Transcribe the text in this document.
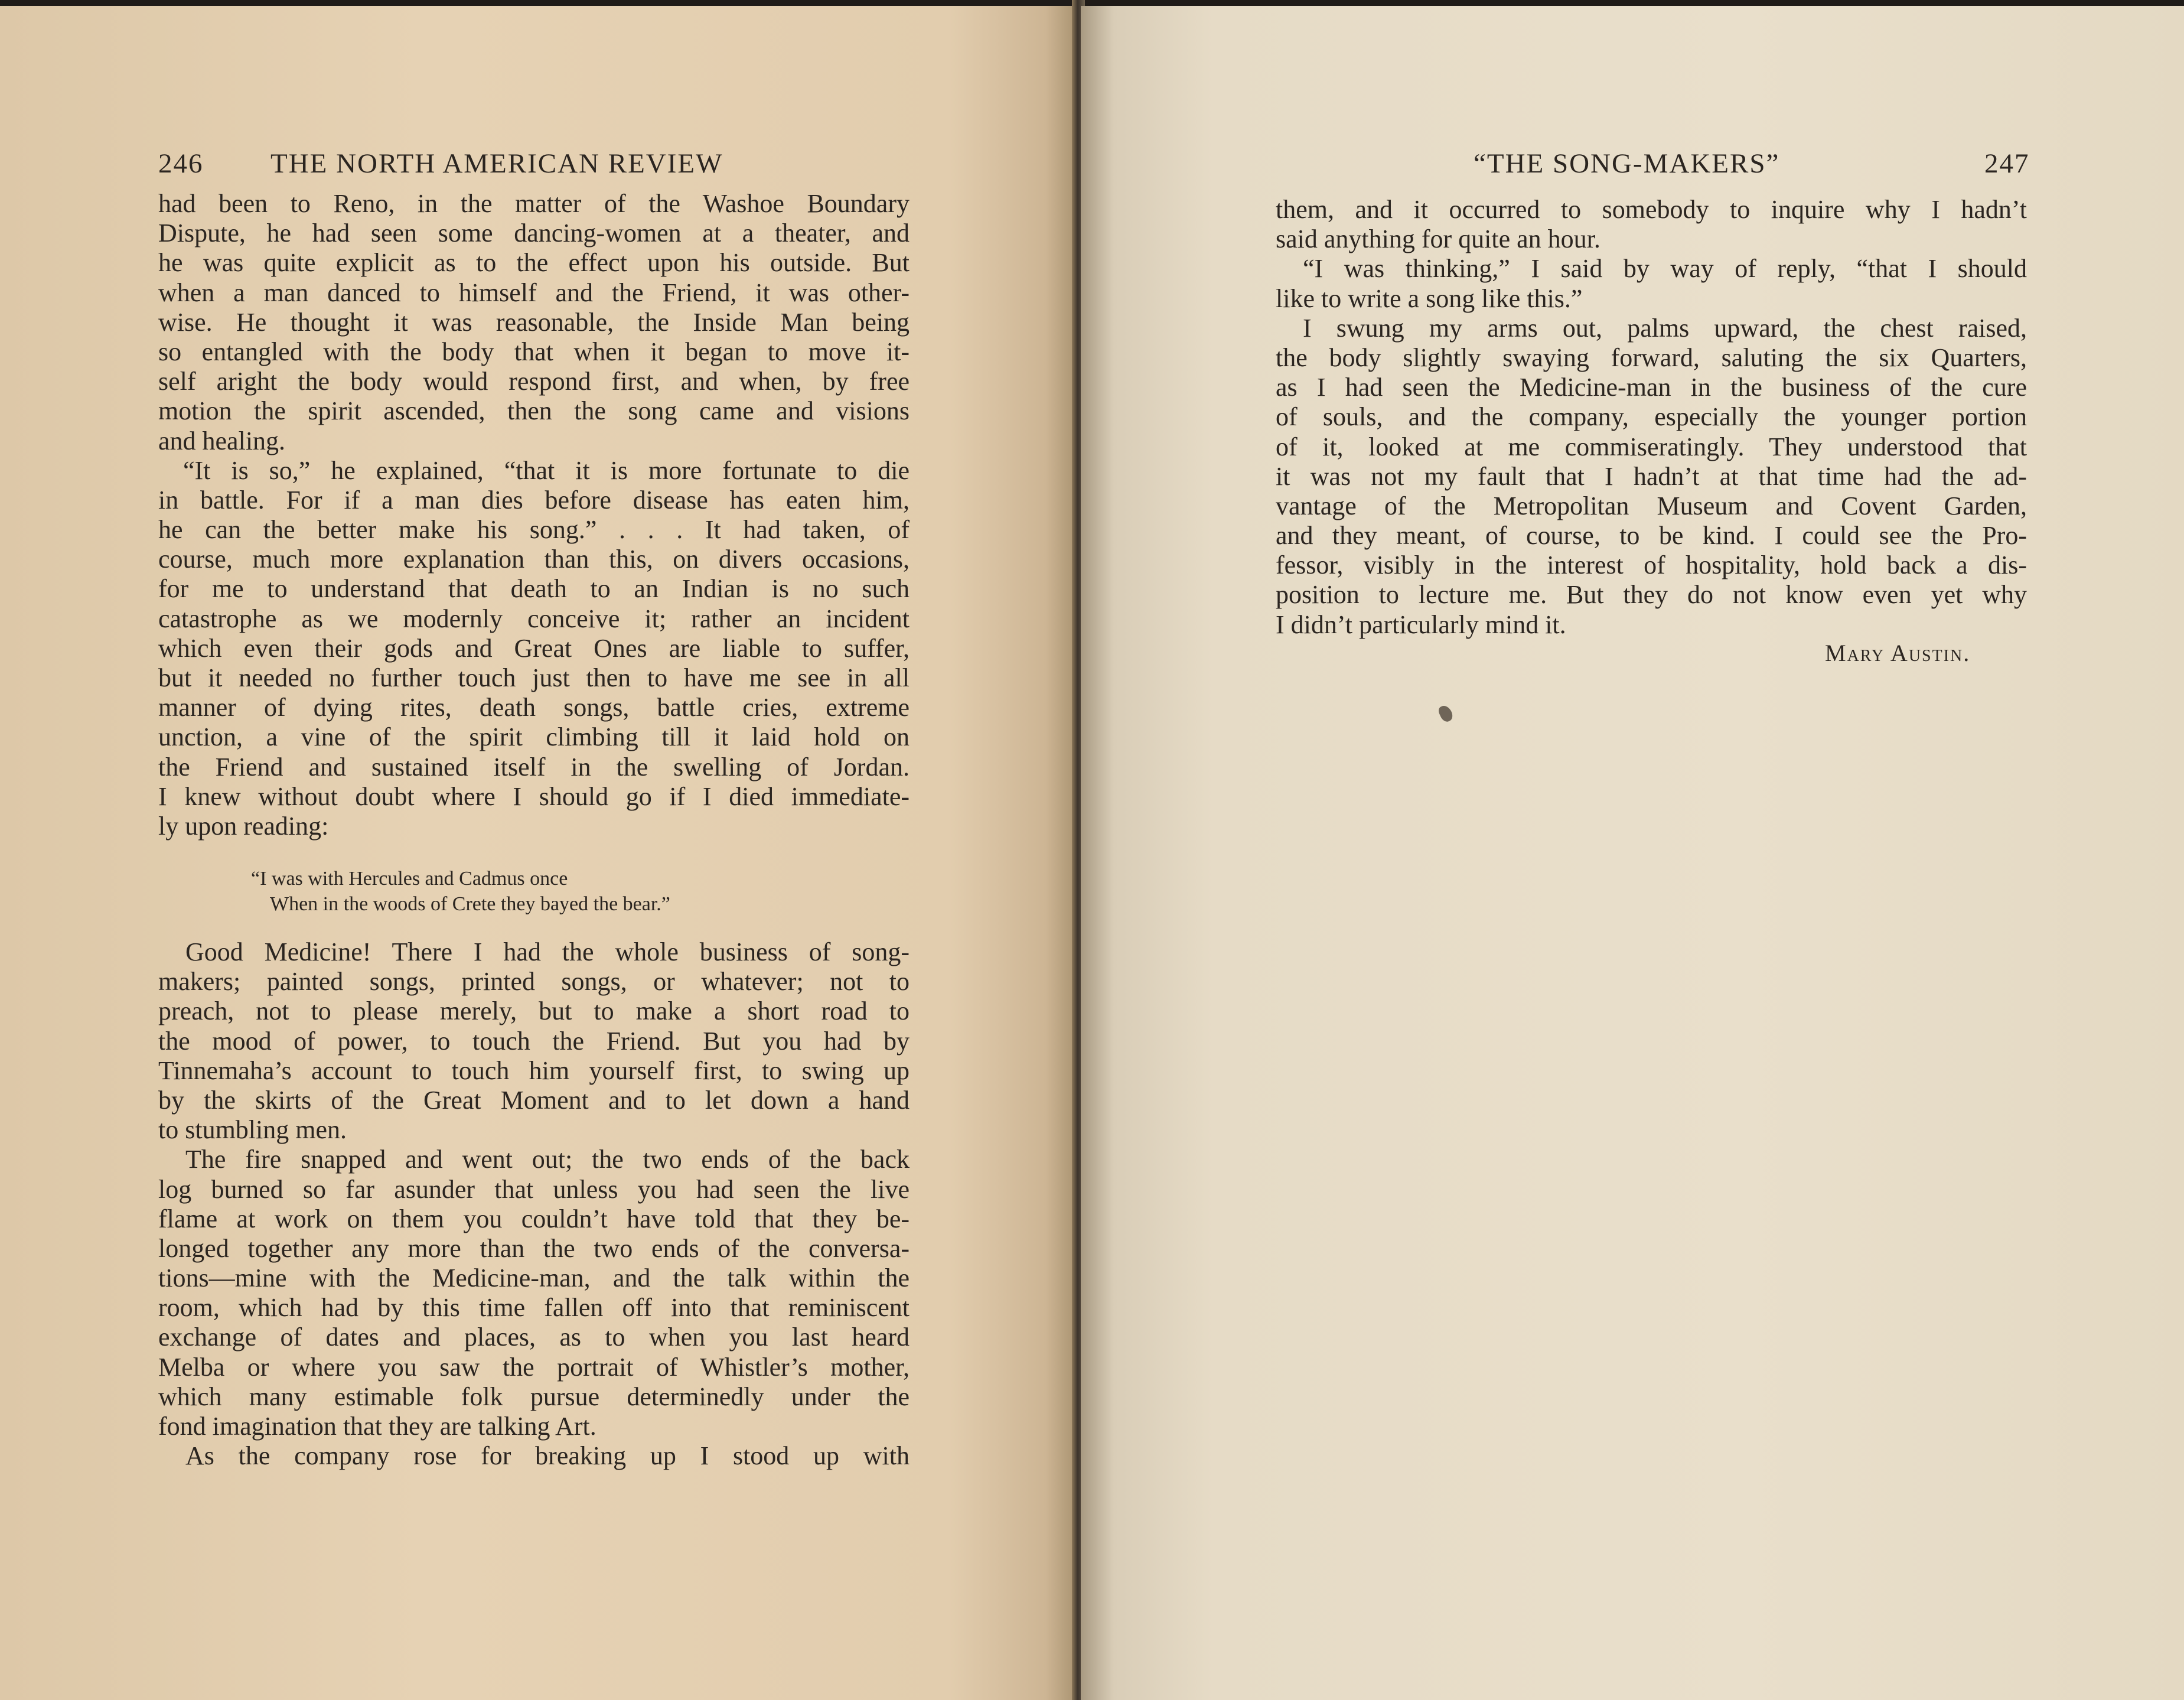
246 THE NORTH AMERICAN REVIEW
had been to Reno, in the matter of the Washoe Boundary
Dispute, he had seen some dancing-women at a theater, and
he was quite explicit as to the effect upon his outside. But
when a man danced to himself and the Friend, it was other-
wise. He thought it was reasonable, the Inside Man being
so entangled with the body that when it began to move it-
self aright the body would respond first, and when, by free
motion the spirit ascended, then the song came and visions
and healing.
“It is so,” he explained, “that it is more fortunate to die
in battle. For if a man dies before disease has eaten him,
he can the better make his song.” . . . It had taken, of
course, much more explanation than this, on divers occasions,
for me to understand that death to an Indian is no such
catastrophe as we modernly conceive it; rather an incident
which even their gods and Great Ones are liable to suffer,
but it needed no further touch just then to have me see in all
manner of dying rites, death songs, battle cries, extreme
unction, a vine of the spirit climbing till it laid hold on
the Friend and sustained itself in the swelling of Jordan.
I knew without doubt where I should go if I died immediate-
ly upon reading:
“I was with Hercules and Cadmus once
When in the woods of Crete they bayed the bear.”
Good Medicine! There I had the whole business of song-
makers; painted songs, printed songs, or whatever; not to
preach, not to please merely, but to make a short road to
the mood of power, to touch the Friend. But you had by
Tinnemaha’s account to touch him yourself first, to swing up
by the skirts of the Great Moment and to let down a hand
to stumbling men.
The fire snapped and went out; the two ends of the back
log burned so far asunder that unless you had seen the live
flame at work on them you couldn’t have told that they be-
longed together any more than the two ends of the conversa-
tions—mine with the Medicine-man, and the talk within the
room, which had by this time fallen off into that reminiscent
exchange of dates and places, as to when you last heard
Melba or where you saw the portrait of Whistler’s mother,
which many estimable folk pursue determinedly under the
fond imagination that they are talking Art.
As the company rose for breaking up I stood up with
“THE SONG-MAKERS”	247
them, and it occurred to somebody to inquire why I hadn’t
said anything for quite an hour.
“I was thinking,” I said by way of reply, “that I should
like to write a song like this.”
I swung my arms out, palms upward, the chest raised,
the body slightly swaying forward, saluting the six Quarters,
as I had seen the Medicine-man in the business of the cure
of souls, and the company, especially the younger portion
of it, looked at me commiseratingly. They understood that
it was not my fault that I hadn’t at that time had the ad-
vantage of the Metropolitan Museum and Covent Garden,
and they meant, of course, to be kind. I could see the Pro-
fessor, visibly in the interest of hospitality, hold back a dis-
position to lecture me. But they do not know even yet why
I didn’t particularly mind it.
Mary Austin.
